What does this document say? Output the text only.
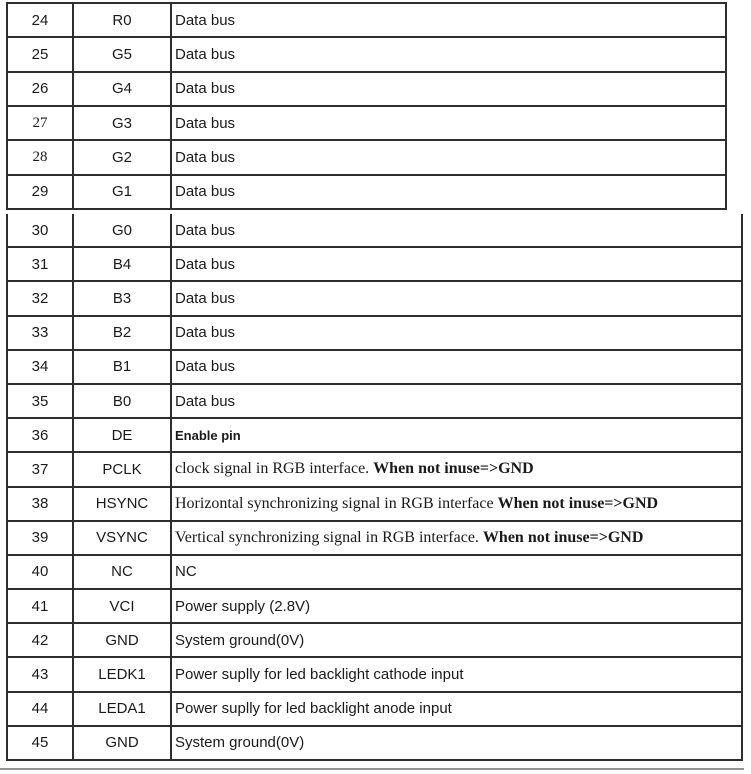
24	R0	Data bus
25	G5	Data bus
26	G4	Data bus
27	G3	Data bus
28	G2	Data bus
29	G1	Data bus
30	G0	Data bus
31	B4	Data bus
32	B3	Data bus
33	B2	Data bus
34	B1	Data bus
35	B0	Data bus
36	DE	Enable pin
37	PCLK	clock signal in RGB interface. When not inuse=>GND
38	HSYNC	Horizontal synchronizing signal in RGB interface When not inuse=>GND
39	VSYNC	Vertical synchronizing signal in RGB interface. When not inuse=>GND
40	NC	NC
41	VCI	Power supply (2.8V)
42	GND	System ground(0V)
43	LEDK1	Power suplly for led backlight cathode input
44	LEDA1	Power suplly for led backlight anode input
45	GND	System ground(0V)
